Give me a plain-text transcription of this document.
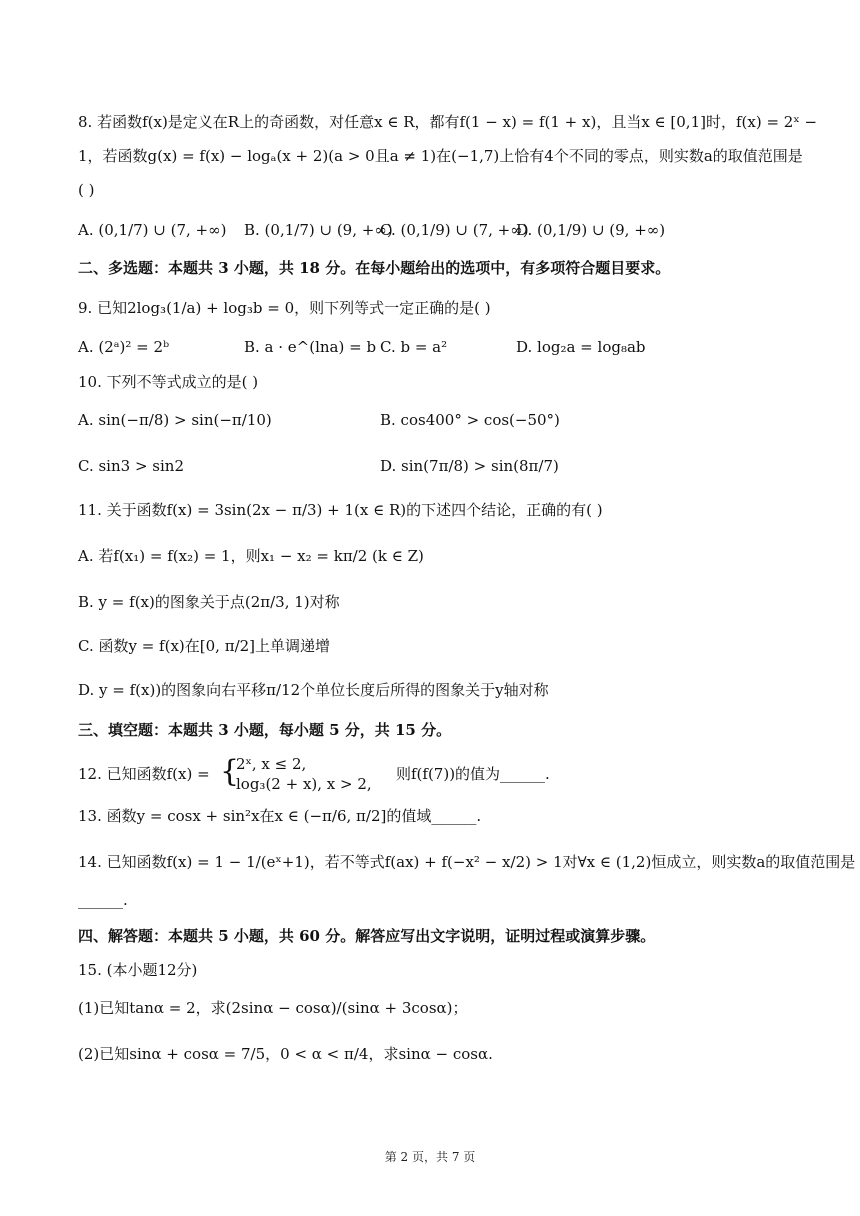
8. 若函数f(x)是定义在R上的奇函数，对任意x ∈ R，都有f(1 − x) = f(1 + x)，且当x ∈ [0,1]时，f(x) = 2ˣ −
1，若函数g(x) = f(x) − logₐ(x + 2)(a > 0且a ≠ 1)在(−1,7)上恰有4个不同的零点，则实数a的取值范围是
( )
A. (0,1/7) ∪ (7, +∞) B. (0,1/7) ∪ (9, +∞)
C. (0,1/9) ∪ (7, +∞)
D. (0,1/9) ∪ (9, +∞)
二、多选题：本题共 3 小题，共 18 分。在每小题给出的选项中，有多项符合题目要求。
9. 已知2log₃(1/a) + log₃b = 0，则下列等式一定正确的是( )
A. (2ᵃ)² = 2ᵇ	B. a · e^(lna) = b C. b = a²	D. log₂a = log₈ab
10. 下列不等式成立的是( )
A. sin(−π/8) > sin(−π/10)	B. cos400° > cos(−50°)
C. sin3 > sin2	D. sin(7π/8) > sin(8π/7)
11. 关于函数f(x) = 3sin(2x − π/3) + 1(x ∈ R)的下述四个结论，正确的有( )
A. 若f(x₁) = f(x₂) = 1，则x₁ − x₂ = kπ/2 (k ∈ Z)
B. y = f(x)的图象关于点(2π/3, 1)对称
C. 函数y = f(x)在[0, π/2]上单调递增
D. y = f(x))的图象向右平移π/12个单位长度后所得的图象关于y轴对称
三、填空题：本题共 3 小题，每小题 5 分，共 15 分。
12. 已知函数f(x) = {
2ˣ, x ≤ 2,
log₃(2 + x), x > 2,
则f(f(7))的值为______.
13. 函数y = cosx + sin²x在x ∈ (−π/6, π/2]的值域______.
14. 已知函数f(x) = 1 − 1/(eˣ+1)，若不等式f(ax) + f(−x² − x/2) > 1对∀x ∈ (1,2)恒成立，则实数a的取值范围是
______.
四、解答题：本题共 5 小题，共 60 分。解答应写出文字说明，证明过程或演算步骤。
15. (本小题12分)
(1)已知tanα = 2，求(2sinα − cosα)/(sinα + 3cosα)；
(2)已知sinα + cosα = 7/5，0 < α < π/4，求sinα − cosα.
第 2 页，共 7 页
